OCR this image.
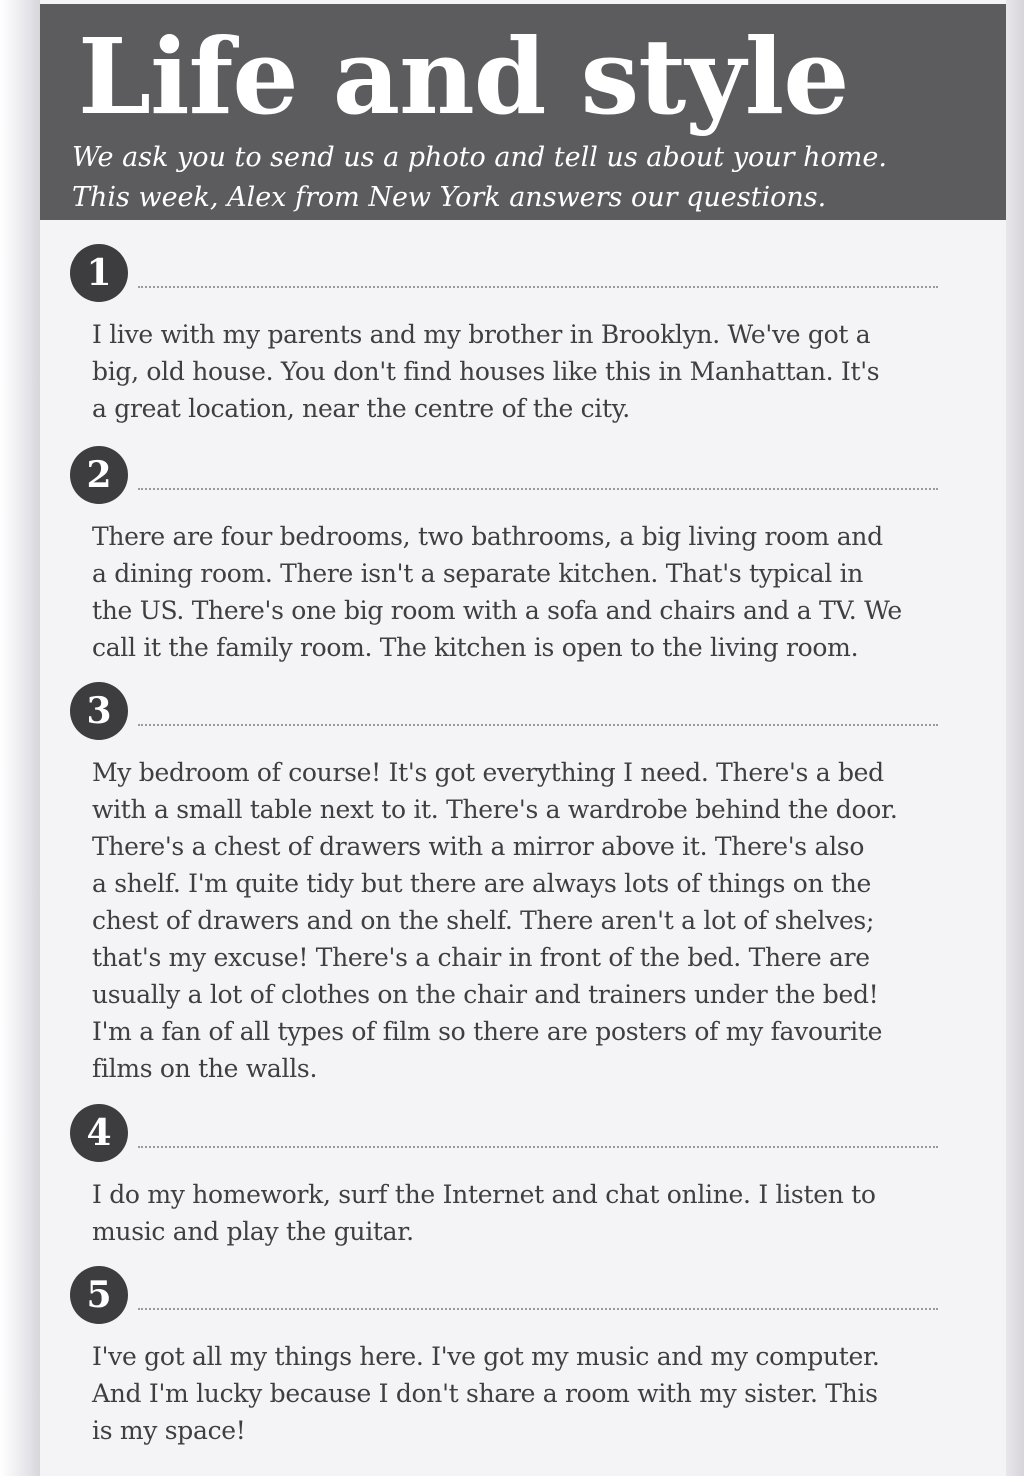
Life and style

We ask you to send us a photo and tell us about your home.
This week, Alex from New York answers our questions.

1

I live with my parents and my brother in Brooklyn. We've got a
big, old house. You don't find houses like this in Manhattan. It's
a great location, near the centre of the city.

2

There are four bedrooms, two bathrooms, a big living room and
a dining room. There isn't a separate kitchen. That's typical in
the US. There's one big room with a sofa and chairs and a TV. We
call it the family room. The kitchen is open to the living room.

3

My bedroom of course! It's got everything I need. There's a bed
with a small table next to it. There's a wardrobe behind the door.
There's a chest of drawers with a mirror above it. There's also
a shelf. I'm quite tidy but there are always lots of things on the
chest of drawers and on the shelf. There aren't a lot of shelves;
that's my excuse! There's a chair in front of the bed. There are
usually a lot of clothes on the chair and trainers under the bed!
I'm a fan of all types of film so there are posters of my favourite
films on the walls.

4

I do my homework, surf the Internet and chat online. I listen to
music and play the guitar.

5

I've got all my things here. I've got my music and my computer.
And I'm lucky because I don't share a room with my sister. This
is my space!
